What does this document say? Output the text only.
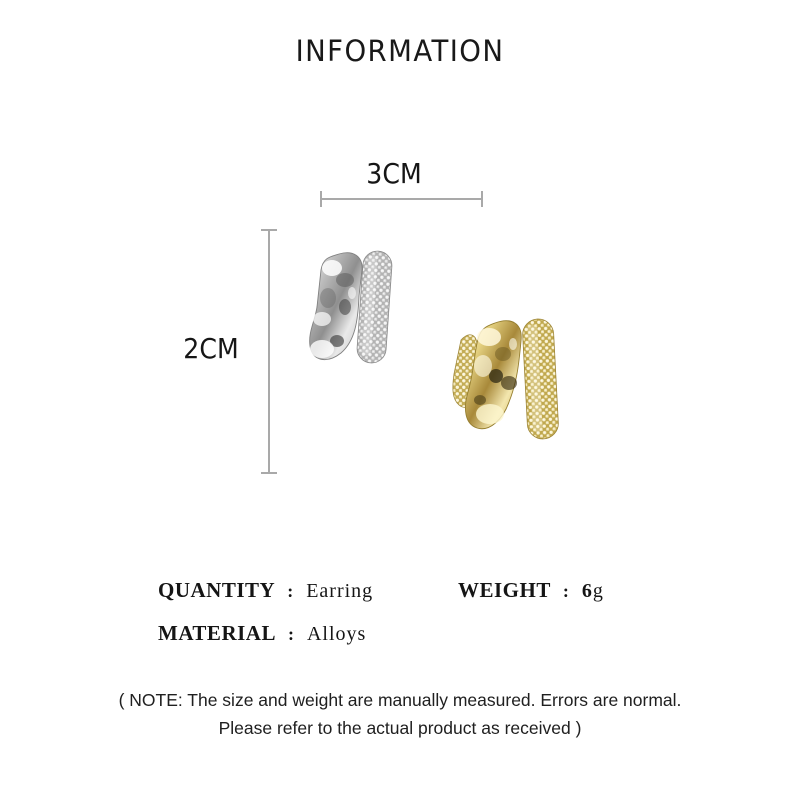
INFORMATION
3CM
2CM
QUANTITY : Earring	WEIGHT : 6g
MATERIAL : Alloys

( NOTE: The size and weight are manually measured. Errors are normal.

Please refer to the actual product as received )
